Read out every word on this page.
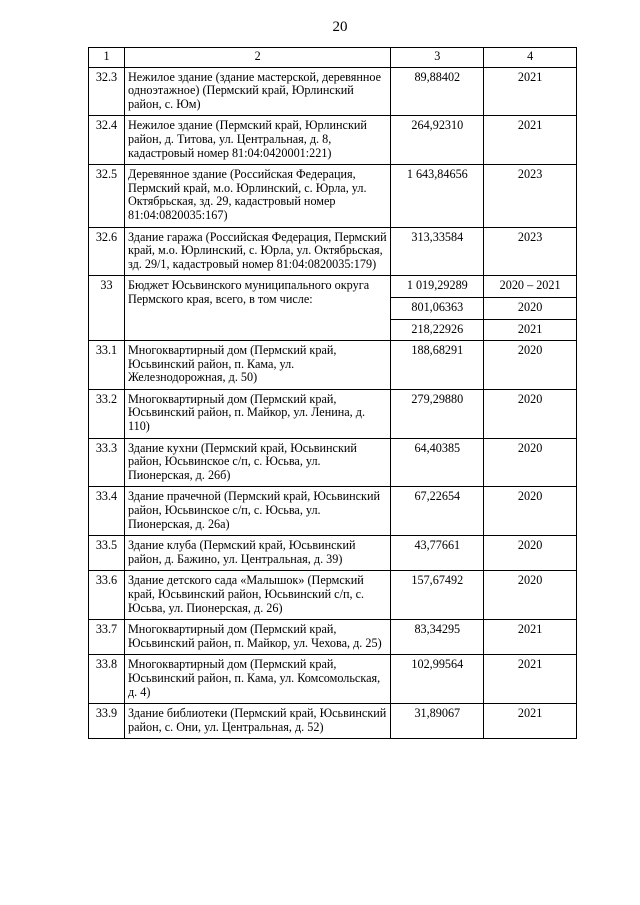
20
1	2	3	4
32.3	Нежилое здание (здание мастерской, деревянное одноэтажное) (Пермский край, Юрлинский район, с. Юм)	89,88402	2021
32.4	Нежилое здание (Пермский край, Юрлинский район, д. Титова, ул. Центральная, д. 8, кадастровый номер 81:04:0420001:221)	264,92310	2021
32.5	Деревянное здание (Российская Федерация, Пермский край, м.о. Юрлинский, с. Юрла, ул. Октябрьская, зд. 29, кадастровый номер 81:04:0820035:167)	1 643,84656	2023
32.6	Здание гаража (Российская Федерация, Пермский край, м.о. Юрлинский, с. Юрла, ул. Октябрьская, зд. 29/1, кадастровый номер 81:04:0820035:179)	313,33584	2023
33	Бюджет Юсьвинского муниципального округа Пермского края, всего, в том числе:	1 019,29289	2020 – 2021
		801,06363	2020
		218,22926	2021
33.1	Многоквартирный дом (Пермский край, Юсьвинский район, п. Кама, ул. Железнодорожная, д. 50)	188,68291	2020
33.2	Многоквартирный дом (Пермский край, Юсьвинский район, п. Майкор, ул. Ленина, д. 110)	279,29880	2020
33.3	Здание кухни (Пермский край, Юсьвинский район, Юсьвинское с/п, с. Юсьва, ул. Пионерская, д. 26б)	64,40385	2020
33.4	Здание прачечной (Пермский край, Юсьвинский район, Юсьвинское с/п, с. Юсьва, ул. Пионерская, д. 26а)	67,22654	2020
33.5	Здание клуба (Пермский край, Юсьвинский район, д. Бажино, ул. Центральная, д. 39)	43,77661	2020
33.6	Здание детского сада «Малышок» (Пермский край, Юсьвинский район, Юсьвинский с/п, с. Юсьва, ул. Пионерская, д. 26)	157,67492	2020
33.7	Многоквартирный дом (Пермский край, Юсьвинский район, п. Майкор, ул. Чехова, д. 25)	83,34295	2021
33.8	Многоквартирный дом (Пермский край, Юсьвинский район, п. Кама, ул. Комсомольская, д. 4)	102,99564	2021
33.9	Здание библиотеки (Пермский край, Юсьвинский район, с. Они, ул. Центральная, д. 52)	31,89067	2021
